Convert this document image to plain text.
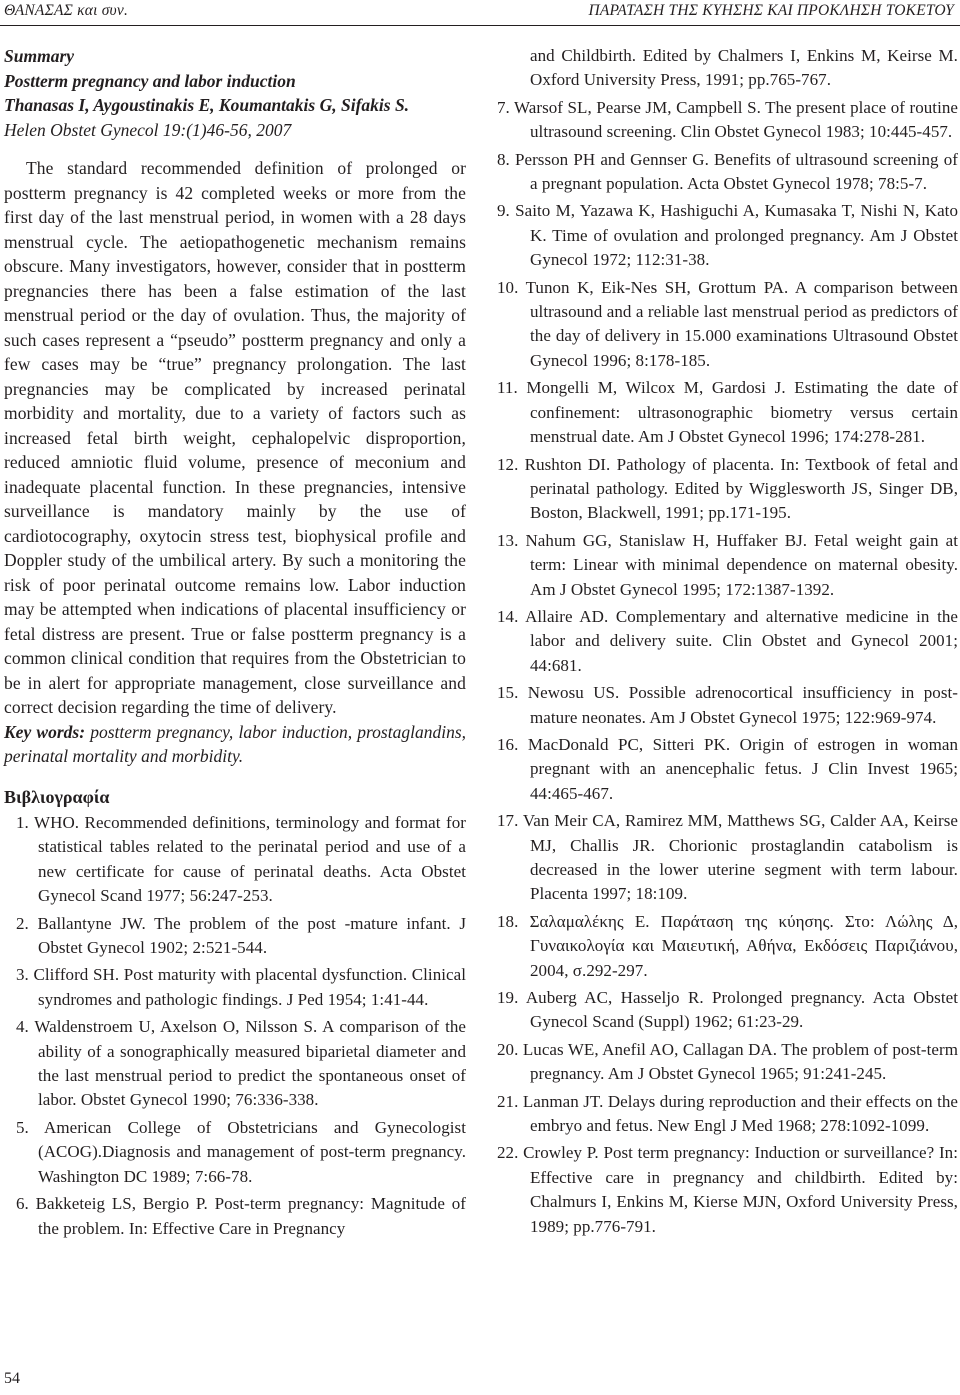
ΘΑΝΑΣΑΣ και συν.	ΠΑΡΑΤΑΣΗ ΤΗΣ ΚΥΗΣΗΣ ΚΑΙ ΠΡΟΚΛΗΣΗ ΤΟΚΕΤΟΥ

Summary

Postterm pregnancy and labor induction

Thanasas I, Aygoustinakis E, Koumantakis G, Sifakis S.

Helen Obstet Gynecol 19:(1)46-56, 2007

The standard recommended definition of prolonged or postterm pregnancy is 42 completed weeks or more from the first day of the last menstrual period, in women with a 28 days menstrual cycle. The aetiopathogenetic mechanism remains obscure. Many investigators, however, consider that in postterm pregnancies there has been a false estimation of the last menstrual period or the day of ovulation. Thus, the majority of such cases represent a “pseudo” postterm pregnancy and only a few cases may be “true” pregnancy prolongation. The last pregnancies may be complicated by increased perinatal morbidity and mortality, due to a variety of factors such as increased fetal birth weight, cephalopelvic disproportion, reduced amniotic fluid volume, presence of meconium and inadequate placental function. In these pregnancies, intensive surveillance is mandatory mainly by the use of cardiotocography, oxytocin stress test, biophysical profile and Doppler study of the umbilical artery. By such a monitoring the risk of poor perinatal outcome remains low. Labor induction may be attempted when indications of placental insufficiency or fetal distress are present. True or false postterm pregnancy is a common clinical condition that requires from the Obstetrician to be in alert for appropriate management, close surveillance and correct decision regarding the time of delivery.

Key words: postterm pregnancy, labor induction, prostaglandins, perinatal mortality and morbidity.

Βιβλιογραφία

1. WHO. Recommended definitions, terminology and format for statistical tables related to the perinatal period and use of a new certificate for cause of perinatal deaths. Acta Obstet Gynecol Scand 1977; 56:247-253.
2. Ballantyne JW. The problem of the post -mature infant. J Obstet Gynecol 1902; 2:521-544.
3. Clifford SH. Post maturity with placental dysfunction. Clinical syndromes and pathologic findings. J Ped 1954; 1:41-44.
4. Waldenstroem U, Axelson O, Nilsson S. A comparison of the ability of a sonographically measured biparietal diameter and the last menstrual period to predict the spontaneous onset of labor. Obstet Gynecol 1990; 76:336-338.
5. American College of Obstetricians and Gynecologist (ACOG).Diagnosis and management of post-term pregnancy. Washington DC 1989; 7:66-78.
6. Bakketeig LS, Bergio P. Post-term pregnancy: Magnitude of the problem. In: Effective Care in Pregnancy
and Childbirth. Edited by Chalmers I, Enkins M, Keirse M. Oxford University Press, 1991; pp.765-767.
7. Warsof SL, Pearse JM, Campbell S. The present place of routine ultrasound screening. Clin Obstet Gynecol 1983; 10:445-457.
8. Persson PH and Gennser G. Benefits of ultrasound screening of a pregnant population. Acta Obstet Gynecol 1978; 78:5-7.
9. Saito M, Yazawa K, Hashiguchi A, Kumasaka T, Nishi N, Kato K. Time of ovulation and prolonged pregnancy. Am J Obstet Gynecol 1972; 112:31-38.
10. Tunon K, Eik-Nes SH, Grottum PA. A comparison between ultrasound and a reliable last menstrual period as predictors of the day of delivery in 15.000 examinations Ultrasound Obstet Gynecol 1996; 8:178-185.
11. Mongelli M, Wilcox M, Gardosi J. Estimating the date of confinement: ultrasonographic biometry versus certain menstrual date. Am J Obstet Gynecol 1996; 174:278-281.
12. Rushton DI. Pathology of placenta. In: Textbook of fetal and perinatal pathology. Edited by Wigglesworth JS, Singer DB, Boston, Blackwell, 1991; pp.171-195.
13. Nahum GG, Stanislaw H, Huffaker BJ. Fetal weight gain at term: Linear with minimal dependence on maternal obesity. Am J Obstet Gynecol 1995; 172:1387-1392.
14. Allaire AD. Complementary and alternative medicine in the labor and delivery suite. Clin Obstet and Gynecol 2001; 44:681.
15. Newosu US. Possible adrenocortical insufficiency in post-mature neonates. Am J Obstet Gynecol 1975; 122:969-974.
16. MacDonald PC, Sitteri PK. Origin of estrogen in woman pregnant with an anencephalic fetus. J Clin Invest 1965; 44:465-467.
17. Van Meir CA, Ramirez MM, Matthews SG, Calder AA, Keirse MJ, Challis JR. Chorionic prostaglandin catabolism is decreased in the lower uterine segment with term labour. Placenta 1997; 18:109.
18. Σαλαμαλέκης Ε. Παράταση της κύησης. Στο: Λώλης Δ, Γυναικολογία και Μαιευτική, Αθήνα, Εκδόσεις Παριζιάνου, 2004, σ.292-297.
19. Auberg AC, Hasseljo R. Prolonged pregnancy. Acta Obstet Gynecol Scand (Suppl) 1962; 61:23-29.
20. Lucas WE, Anefil AO, Callagan DA. The problem of post-term pregnancy. Am J Obstet Gynecol 1965; 91:241-245.
21. Lanman JT. Delays during reproduction and their effects on the embryo and fetus. New Engl J Med 1968; 278:1092-1099.
22. Crowley P. Post term pregnancy: Induction or surveillance? In: Effective care in pregnancy and childbirth. Edited by: Chalmurs I, Enkins M, Kierse MJN, Oxford University Press, 1989; pp.776-791.
54
